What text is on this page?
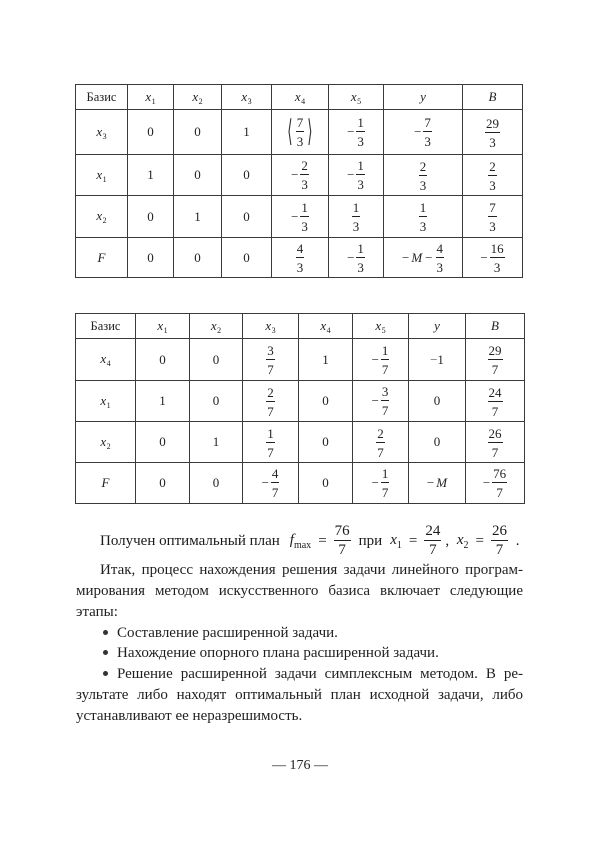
Базис	$x_1$	$x_2$	$x_3$	$x_4$	$x_5$	y	B
$x_3$	0	0	1	⟨ $\frac{7}{3}$ ⟩	− $\frac{1}{3}$	− $\frac{7}{3}$	$\frac{29}{3}$

$x_1$	1	0	0	− $\frac{2}{3}$	− $\frac{1}{3}$	$\frac{2}{3}$	$\frac{2}{3}$

$x_2$	0	1	0	− $\frac{1}{3}$	$\frac{1}{3}$	$\frac{1}{3}$	$\frac{7}{3}$

F	0	0	0	$\frac{4}{3}$	− $\frac{1}{3}$	− $M - \frac{4}{3}$	− $\frac{16}{3}$
Базис	$x_1$	$x_2$	$x_3$	$x_4$	$x_5$	y	B
$x_4$	0	0	$\frac{3}{7}$	1	− $\frac{1}{7}$	− 1	$\frac{29}{7}$

$x_1$	1	0	$\frac{2}{7}$	0	− $\frac{3}{7}$	0	$\frac{24}{7}$

$x_2$	0	1	$\frac{1}{7}$	0	$\frac{2}{7}$	0	$\frac{26}{7}$

F	0	0	− $\frac{4}{7}$	0	− $\frac{1}{7}$	− M	− $\frac{76}{7}$
Получен оптимальный план $f_{max} = \frac{76}{7}$ при $x_1 = \frac{24}{7}$ , $x_2 = \frac{26}{7}$ .
Итак, процесс нахождения решения задачи линейного програм-
мирования методом искусственного базиса включает следующие
этапы:
Составление расширенной задачи.
Нахождение опорного плана расширенной задачи.
Решение расширенной задачи симплексным методом. В ре-
зультате либо находят оптимальный план исходной задачи, либо
устанавливают ее неразрешимость.
— 176 —
